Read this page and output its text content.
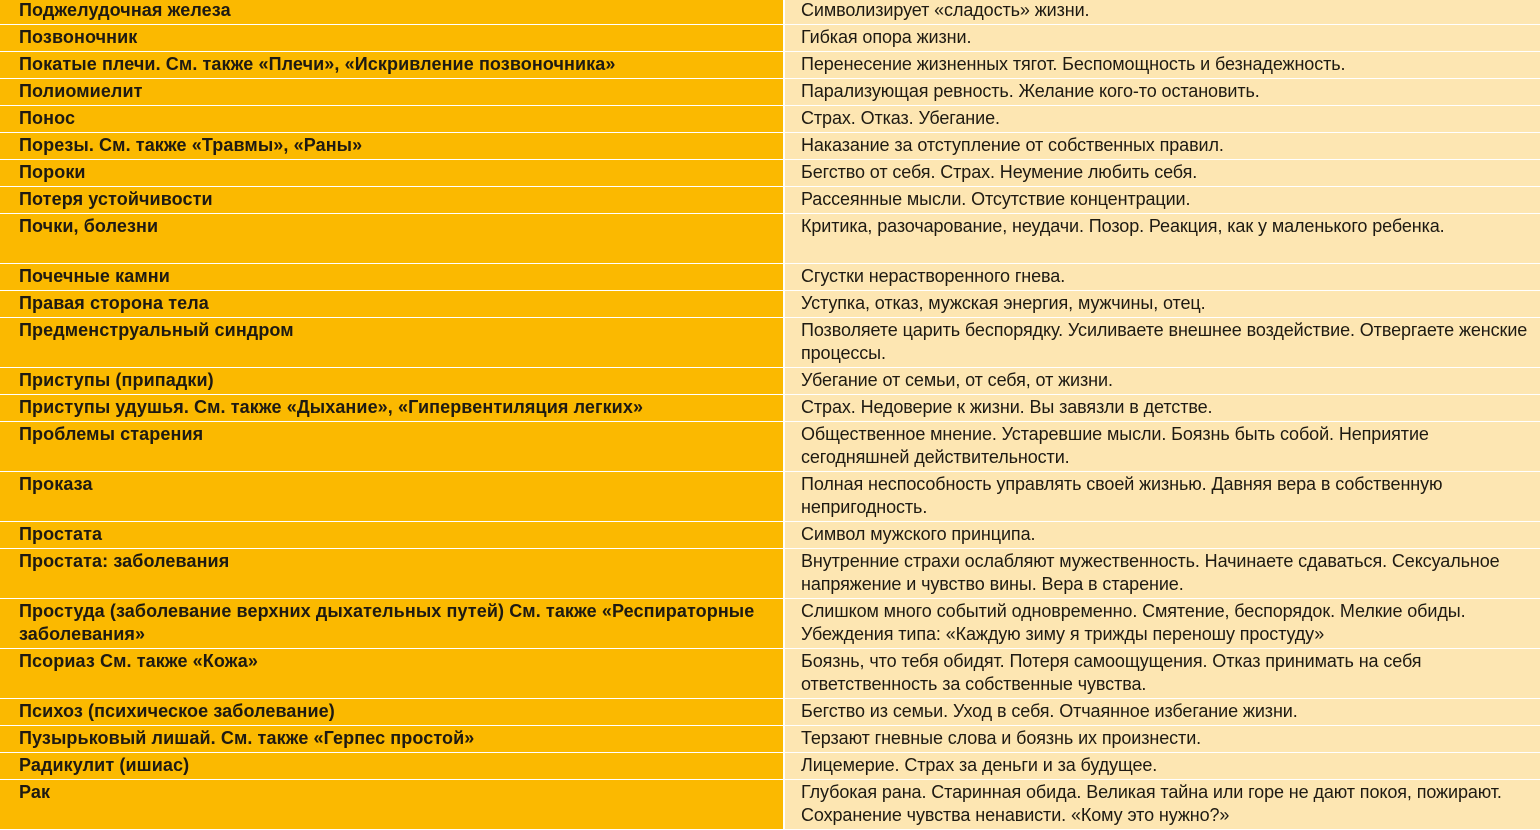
Поджелудочная железа	Символизирует «сладость» жизни.
Позвоночник	Гибкая опора жизни.
Покатые плечи. См. также «Плечи», «Искривление позвоночника»	Перенесение жизненных тягот. Беспомощность и безнадежность.
Полиомиелит	Парализующая ревность. Желание кого-то остановить.
Понос	Страх. Отказ. Убегание.
Порезы. См. также «Травмы», «Раны»	Наказание за отступление от собственных правил.
Пороки	Бегство от себя. Страх. Неумение любить себя.
Потеря устойчивости	Рассеянные мысли. Отсутствие концентрации.
Почки, болезни	Критика, разочарование, неудачи. Позор. Реакция, как у маленького ребенка.
Почечные камни	Сгустки нерастворенного гнева.
Правая сторона тела	Уступка, отказ, мужская энергия, мужчины, отец.
Предменструальный синдром	Позволяете царить беспорядку. Усиливаете внешнее воздействие. Отвергаете женские процессы.
Приступы (припадки)	Убегание от семьи, от себя, от жизни.
Приступы удушья. См. также «Дыхание», «Гипервентиляция легких»	Страх. Недоверие к жизни. Вы завязли в детстве.
Проблемы старения	Общественное мнение. Устаревшие мысли. Боязнь быть собой. Неприятие сегодняшней действительности.
Проказа	Полная неспособность управлять своей жизнью. Давняя вера в собственную непригодность.
Простата	Символ мужского принципа.
Простата: заболевания	Внутренние страхи ослабляют мужественность. Начинаете сдаваться. Сексуальное напряжение и чувство вины. Вера в старение.
Простуда (заболевание верхних дыхательных путей) См. также «Респираторные заболевания»	Слишком много событий одновременно. Смятение, беспорядок. Мелкие обиды. Убеждения типа: «Каждую зиму я трижды переношу простуду»
Псориаз См. также «Кожа»	Боязнь, что тебя обидят. Потеря самоощущения. Отказ принимать на себя ответственность за собственные чувства.
Психоз (психическое заболевание)	Бегство из семьи. Уход в себя. Отчаянное избегание жизни.
Пузырьковый лишай. См. также «Герпес простой»	Терзают гневные слова и боязнь их произнести.
Радикулит (ишиас)	Лицемерие. Страх за деньги и за будущее.
Рак	Глубокая рана. Старинная обида. Великая тайна или горе не дают покоя, пожирают. Сохранение чувства ненависти. «Кому это нужно?»
